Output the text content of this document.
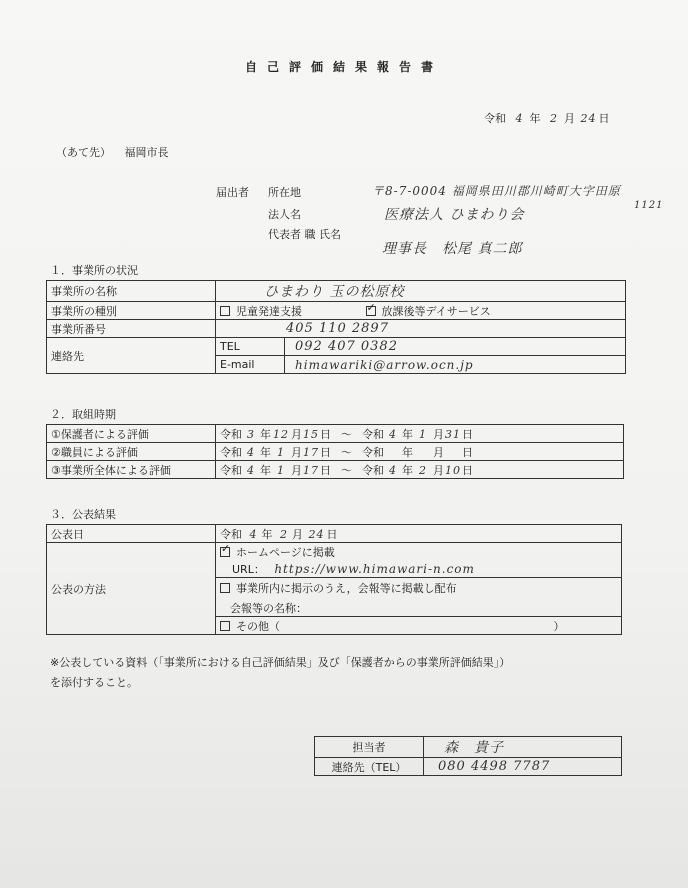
自己評価結果報告書
令和 4 年 2 月 24 日
（あて先） 福岡市長
届出者 所在地	〒8-7-0004 福岡県田川郡川崎町大字田原
1121
法人名	医療法人 ひまわり会
代表者 職 氏名
理事長　松尾 真二郎
１．事業所の状況
事業所の名称	ひまわり 玉の松原校	
事業所の種別	児童発達支援 ✓ 放課後等デイサービス
事業所番号	405 110 2897	
連絡先	TEL	092 407 0382
	E-mail	himawariki@arrow.ocn.jp
２．取組時期
①保護者による評価	令和 3 年 12 月15日 ～ 令和 4 年 1 月31日
②職員による評価	令和 4 年 1 月17日 ～ 令和 年 月 日
③事業所全体による評価	令和 4 年 1 月17日 ～ 令和 4 年 2 月10日
３．公表結果
公表日	令和 4 年 2 月 24 日
公表の方法	✓ホームページに掲載
	URL： https://www.himawari-n.com

	事業所内に掲示のうえ，会報等に掲載し配布
会報等の名称：

	その他（ ）
※公表している資料（「事業所における自己評価結果」及び「保護者からの事業所評価結果」）
を添付すること。
担当者	森　貴子
連絡先（TEL）	080 4498 7787
